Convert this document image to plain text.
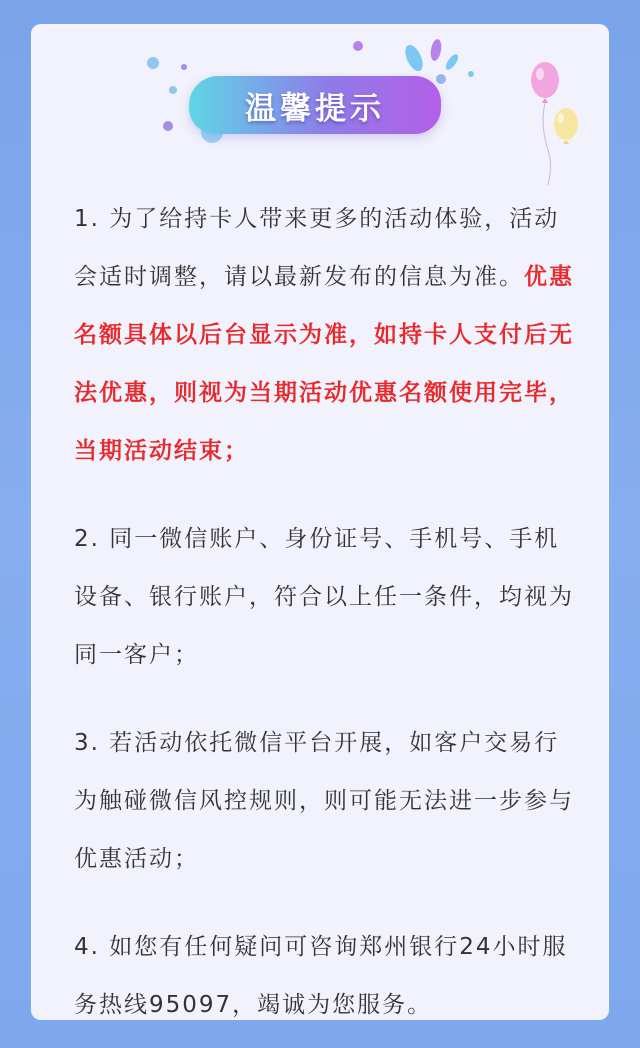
温馨提示

1. 为了给持卡人带来更多的活动体验，活动会适时调整，请以最新发布的信息为准。优惠名额具体以后台显示为准，如持卡人支付后无法优惠，则视为当期活动优惠名额使用完毕，当期活动结束；

2. 同一微信账户、身份证号、手机号、手机设备、银行账户，符合以上任一条件，均视为同一客户；

3. 若活动依托微信平台开展，如客户交易行为触碰微信风控规则，则可能无法进一步参与优惠活动；

4. 如您有任何疑问可咨询郑州银行24小时服务热线95097，竭诚为您服务。
